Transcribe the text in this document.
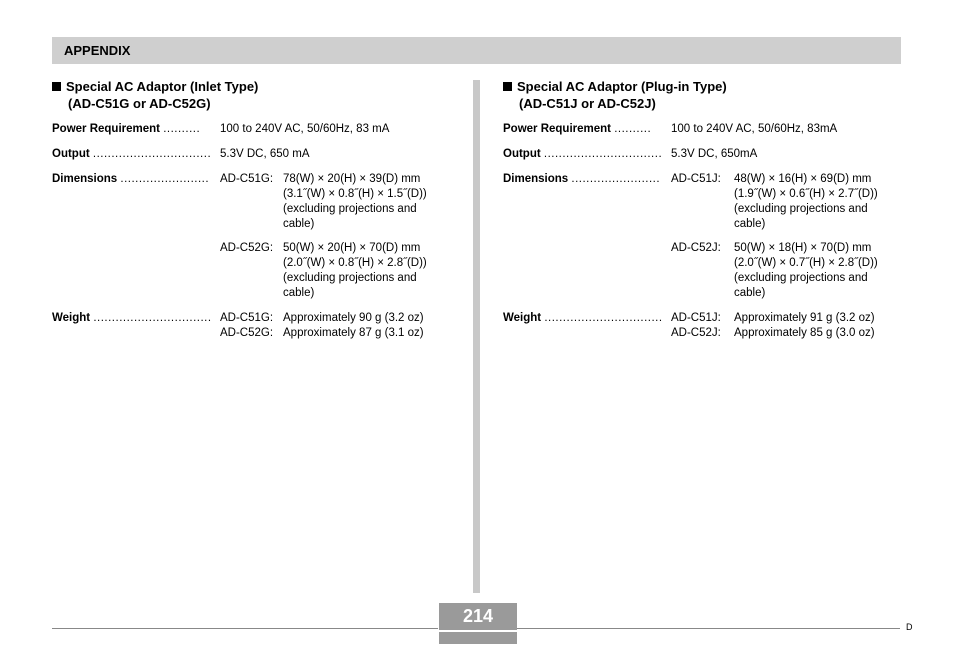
APPENDIX
Special AC Adaptor (Inlet Type)
(AD-C51G or AD-C52G)
Power Requirement ..........	100 to 240V AC, 50/60Hz, 83 mA
Output ................................ 5.3V DC, 650 mA
Dimensions ........................ AD-C51G: 78(W) × 20(H) × 39(D) mm
(3.1˝(W) × 0.8˝(H) × 1.5˝(D))
(excluding projections and
cable)
AD-C52G: 50(W) × 20(H) × 70(D) mm
(2.0˝(W) × 0.8˝(H) × 2.8˝(D))
(excluding projections and
cable)
Weight ................................ AD-C51G: Approximately 90 g (3.2 oz)
AD-C52G: Approximately 87 g (3.1 oz)
Special AC Adaptor (Plug-in Type)
(AD-C51J or AD-C52J)
Power Requirement ..........	100 to 240V AC, 50/60Hz, 83mA
Output ................................ 5.3V DC, 650mA
Dimensions ........................ AD-C51J:	48(W) × 16(H) × 69(D) mm
(1.9˝(W) × 0.6˝(H) × 2.7˝(D))
(excluding projections and
cable)
AD-C52J:	50(W) × 18(H) × 70(D) mm
(2.0˝(W) × 0.7˝(H) × 2.8˝(D))
(excluding projections and
cable)
Weight ................................ AD-C51J:	Approximately 91 g (3.2 oz)
AD-C52J:	Approximately 85 g (3.0 oz)
214
D
